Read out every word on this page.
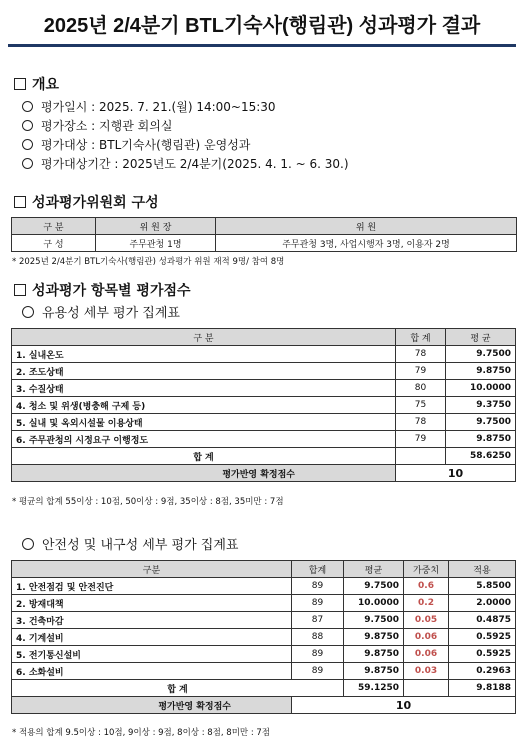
2025년 2/4분기 BTL기숙사(행림관) 성과평가 결과
개요
평가일시 : 2025. 7. 21.(월) 14:00~15:30
평가장소 : 지행관 회의실
평가대상 : BTL기숙사(행림관) 운영성과
평가대상기간 : 2025년도 2/4분기(2025. 4. 1. ~ 6. 30.)
성과평가위원회 구성
구 분	위 원 장	위 원
구 성	주무관청 1명	주무관청 3명, 사업시행자 3명, 이용자 2명
* 2025년 2/4분기 BTL기숙사(행림관) 성과평가 위원 재적 9명/ 참여 8명
성과평가 항목별 평가점수
유용성 세부 평가 집계표
구 분	합 계	평 균
1. 실내온도	78	9.7500
2. 조도상태	79	9.8750
3. 수질상태	80	10.0000
4. 청소 및 위생(병충해 구제 등)	75	9.3750
5. 실내 및 옥외시설물 이용상태	78	9.7500
6. 주무관청의 시정요구 이행정도	79	9.8750
합 계		58.6250
평가반영 확정점수	10	
* 평균의 합계 55이상 : 10점, 50이상 : 9점, 35이상 : 8점, 35미만 : 7점
안전성 및 내구성 세부 평가 집계표
구분	합계	평균	가중치	적용
1. 안전점검 및 안전진단	89	9.7500	0.6	5.8500
2. 방재대책	89	10.0000	0.2	2.0000
3. 건축마감	87	9.7500	0.05	0.4875
4. 기계설비	88	9.8750	0.06	0.5925
5. 전기통신설비	89	9.8750	0.06	0.5925
6. 소화설비	89	9.8750	0.03	0.2963
합 계		59.1250		9.8188
평가반영 확정점수	10			
* 적용의 합계 9.5이상 : 10점, 9이상 : 9점, 8이상 : 8점, 8미만 : 7점
